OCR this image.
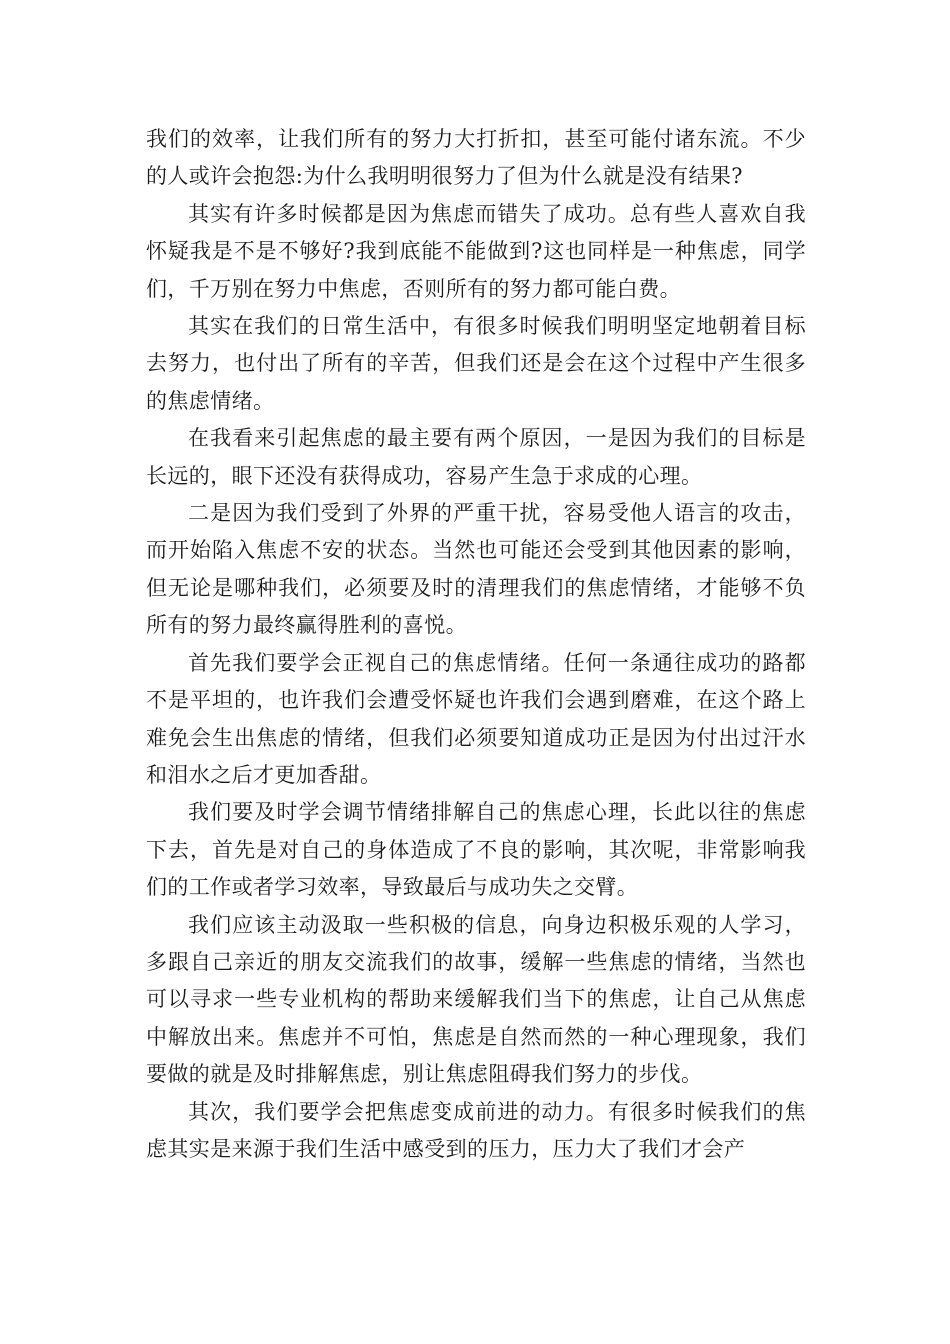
我们的效率，让我们所有的努力大打折扣，甚至可能付诸东流。不少的人或许会抱怨:为什么我明明很努力了但为什么就是没有结果?

其实有许多时候都是因为焦虑而错失了成功。总有些人喜欢自我怀疑我是不是不够好?我到底能不能做到?这也同样是一种焦虑，同学们，千万别在努力中焦虑，否则所有的努力都可能白费。

其实在我们的日常生活中，有很多时候我们明明坚定地朝着目标去努力，也付出了所有的辛苦，但我们还是会在这个过程中产生很多的焦虑情绪。

在我看来引起焦虑的最主要有两个原因，一是因为我们的目标是长远的，眼下还没有获得成功，容易产生急于求成的心理。

二是因为我们受到了外界的严重干扰，容易受他人语言的攻击，而开始陷入焦虑不安的状态。当然也可能还会受到其他因素的影响，但无论是哪种我们，必须要及时的清理我们的焦虑情绪，才能够不负所有的努力最终赢得胜利的喜悦。

首先我们要学会正视自己的焦虑情绪。任何一条通往成功的路都不是平坦的，也许我们会遭受怀疑也许我们会遇到磨难，在这个路上难免会生出焦虑的情绪，但我们必须要知道成功正是因为付出过汗水和泪水之后才更加香甜。

我们要及时学会调节情绪排解自己的焦虑心理，长此以往的焦虑下去，首先是对自己的身体造成了不良的影响，其次呢，非常影响我们的工作或者学习效率，导致最后与成功失之交臂。

我们应该主动汲取一些积极的信息，向身边积极乐观的人学习，多跟自己亲近的朋友交流我们的故事，缓解一些焦虑的情绪，当然也可以寻求一些专业机构的帮助来缓解我们当下的焦虑，让自己从焦虑中解放出来。焦虑并不可怕，焦虑是自然而然的一种心理现象，我们要做的就是及时排解焦虑，别让焦虑阻碍我们努力的步伐。

其次，我们要学会把焦虑变成前进的动力。有很多时候我们的焦虑其实是来源于我们生活中感受到的压力，压力大了我们才会产
